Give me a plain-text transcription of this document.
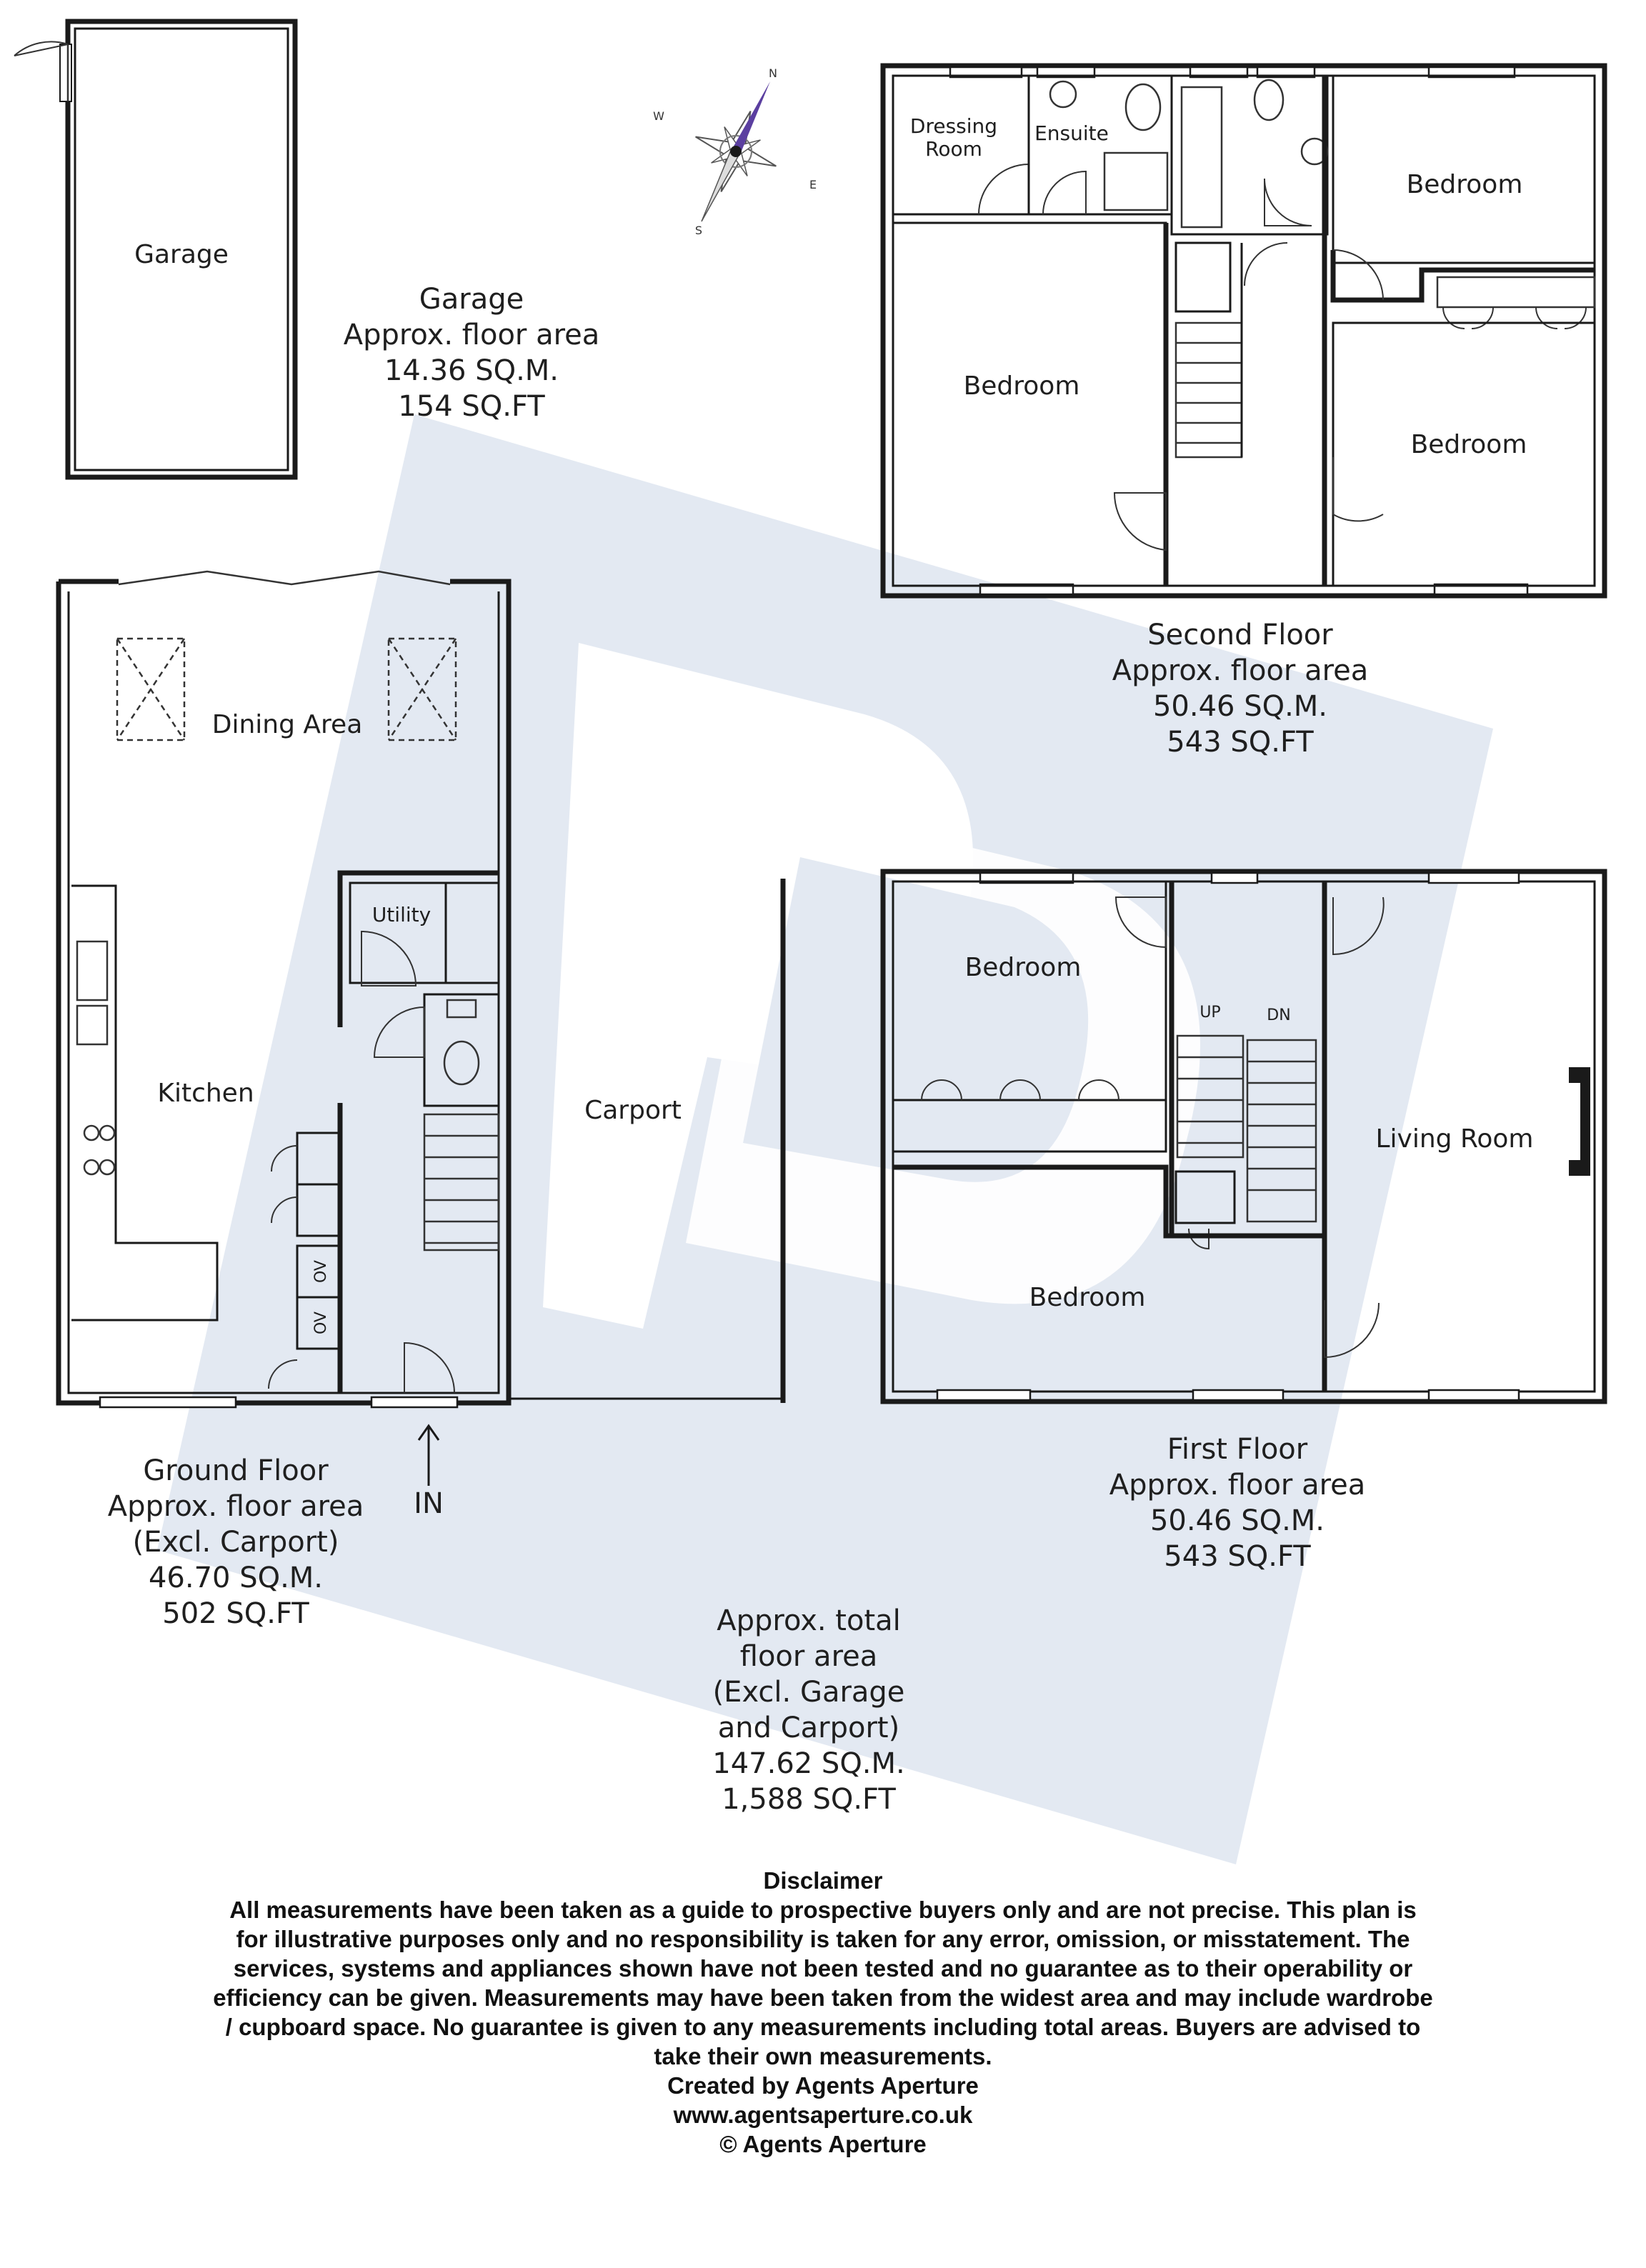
Garage
N
E
S
W
Garage
Approx. floor area
14.36 SQ.M.
154 SQ.FT
Dressing
Room
Ensuite
Bedroom
Bedroom
Bedroom
Second Floor
Approx. floor area
50.46 SQ.M.
543 SQ.FT
Dining Area
Utility
Kitchen
OV
OV
Carport
IN
Ground Floor
Approx. floor area
(Excl. Carport)
46.70 SQ.M.
502 SQ.FT
Bedroom
UP	DN
Bedroom
Living Room
First Floor
Approx. floor area
50.46 SQ.M.
543 SQ.FT
Approx. total
floor area
(Excl. Garage
and Carport)
147.62 SQ.M.
1,588 SQ.FT
Disclaimer
All measurements have been taken as a guide to prospective buyers only and are not precise. This plan is
for illustrative purposes only and no responsibility is taken for any error, omission, or misstatement. The
services, systems and appliances shown have not been tested and no guarantee as to their operability or
efficiency can be given. Measurements may have been taken from the widest area and may include wardrobe
/ cupboard space. No guarantee is given to any measurements including total areas. Buyers are advised to
take their own measurements.
Created by Agents Aperture
www.agentsaperture.co.uk
© Agents Aperture
